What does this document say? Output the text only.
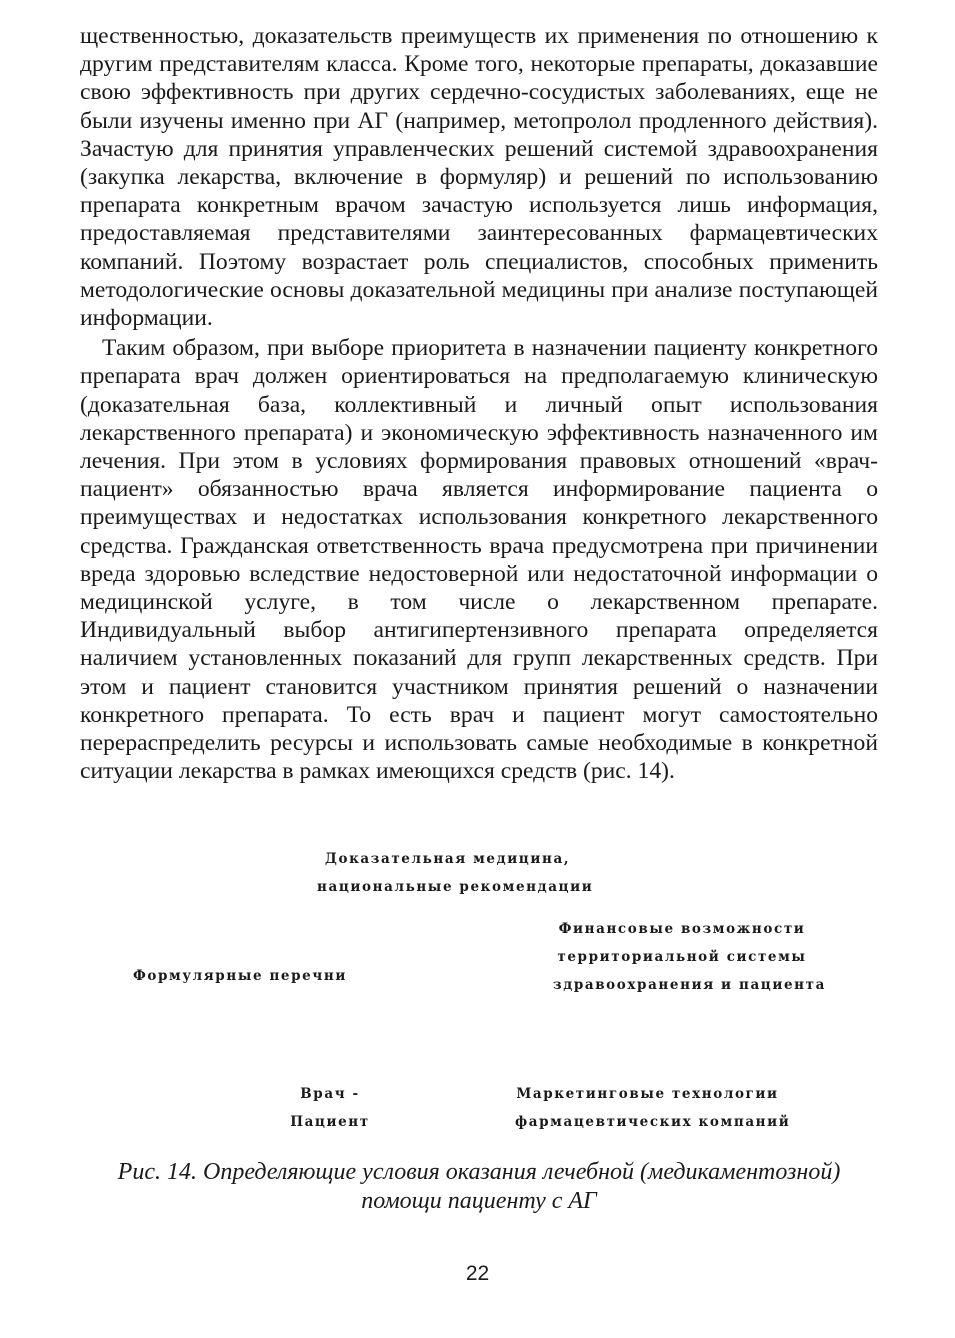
щественностью, доказательств преимуществ их применения по отношению к другим представителям класса. Кроме того, некоторые препараты, доказавшие свою эффективность при других сердечно-сосудистых заболеваниях, еще не были изучены именно при АГ (например, метопролол продленного действия). Зачастую для принятия управленческих решений системой здравоохранения (закупка лекарства, включение в формуляр) и решений по использованию препарата конкретным врачом зачастую используется лишь информация, предоставляемая представителями заинтересованных фармацевтических компаний. Поэтому возрастает роль специалистов, способных применить методологические основы доказательной медицины при анализе поступающей информации.

Таким образом, при выборе приоритета в назначении пациенту конкретного препарата врач должен ориентироваться на предполагаемую клиническую (доказательная база, коллективный и личный опыт использования лекарственного препарата) и экономическую эффективность назначенного им лечения. При этом в условиях формирования правовых отношений «врач-пациент» обязанностью врача является информирование пациента о преимуществах и недостатках использования конкретного лекарственного средства. Гражданская ответственность врача предусмотрена при причинении вреда здоровью вследствие недостоверной или недостаточной информации о медицинской услуге, в том числе о лекарственном препарате. Индивидуальный выбор антигипертензивного препарата определяется наличием установленных показаний для групп лекарственных средств. При этом и пациент становится участником принятия решений о назначении конкретного препарата. То есть врач и пациент могут самостоятельно перераспределить ресурсы и использовать самые необходимые в конкретной ситуации лекарства в рамках имеющихся средств (рис. 14).

Доказательная медицина,
национальные рекомендации
Формулярные перечни
Финансовые возможности
территориальной системы
здравоохранения и пациента
Врач -
Пациент
Маркетинговые технологии
фармацевтических компаний
Рис. 14. Определяющие условия оказания лечебной (медикаментозной)
помощи пациенту с АГ
22
